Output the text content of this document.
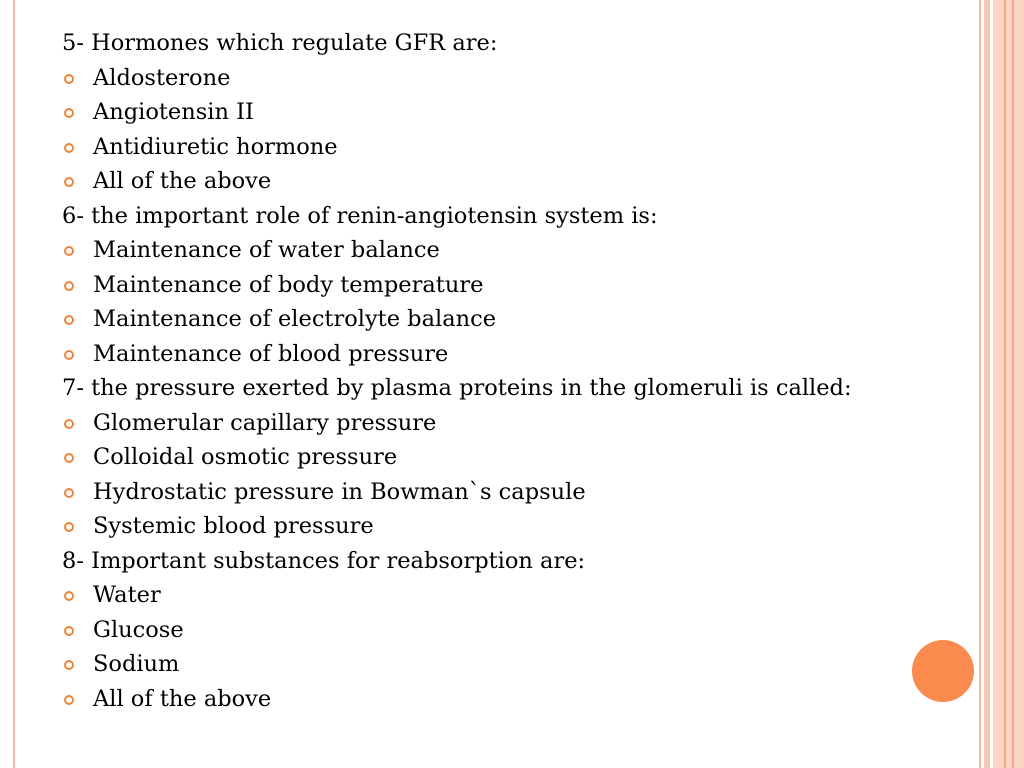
5- Hormones which regulate GFR are:
Aldosterone
Angiotensin II
Antidiuretic hormone
All of the above
6- the important role of renin-angiotensin system is:
Maintenance of water balance
Maintenance of body temperature
Maintenance of electrolyte balance
Maintenance of blood pressure
7- the pressure exerted by plasma proteins in the glomeruli is called:
Glomerular capillary pressure
Colloidal osmotic pressure
Hydrostatic pressure in Bowman`s capsule
Systemic blood pressure
8- Important substances for reabsorption are:
Water
Glucose
Sodium
All of the above
